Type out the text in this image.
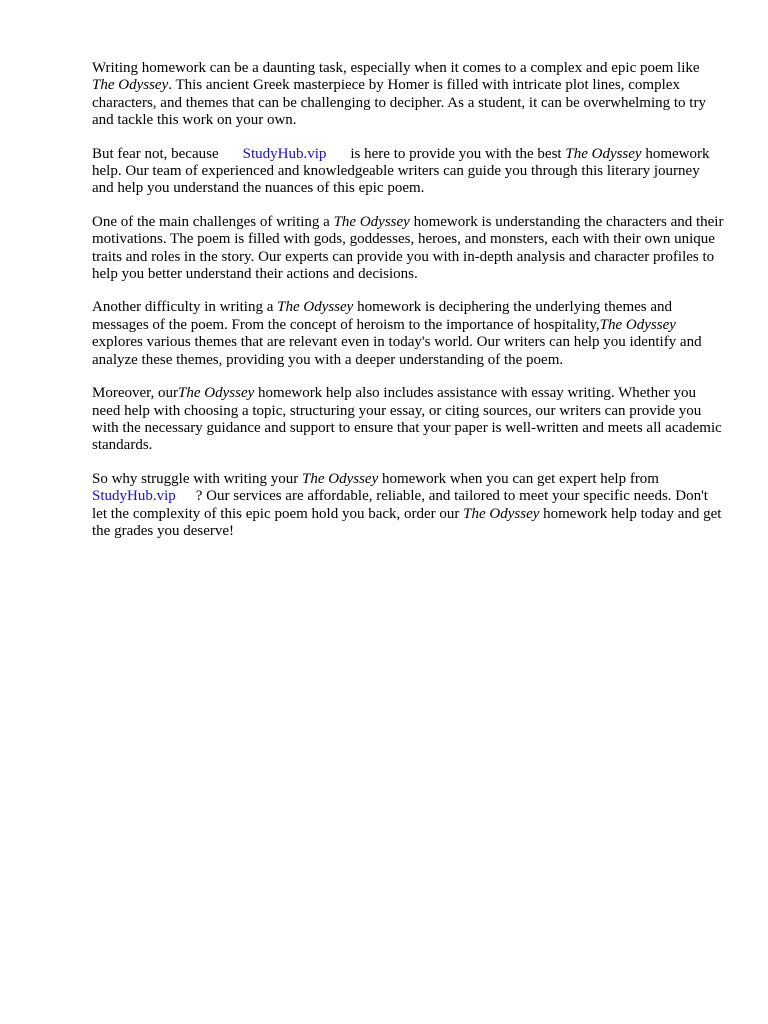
Writing homework can be a daunting task, especially when it comes to a complex and epic poem like The Odyssey. This ancient Greek masterpiece by Homer is filled with intricate plot lines, complex characters, and themes that can be challenging to decipher. As a student, it can be overwhelming to try and tackle this work on your own.

But fear not, because StudyHub.vip is here to provide you with the best The Odyssey homework help. Our team of experienced and knowledgeable writers can guide you through this literary journey and help you understand the nuances of this epic poem.

One of the main challenges of writing a The Odyssey homework is understanding the characters and their motivations. The poem is filled with gods, goddesses, heroes, and monsters, each with their own unique traits and roles in the story. Our experts can provide you with in-depth analysis and character profiles to help you better understand their actions and decisions.

Another difficulty in writing a The Odyssey homework is deciphering the underlying themes and messages of the poem. From the concept of heroism to the importance of hospitality,The Odyssey explores various themes that are relevant even in today's world. Our writers can help you identify and analyze these themes, providing you with a deeper understanding of the poem.

Moreover, ourThe Odyssey homework help also includes assistance with essay writing. Whether you need help with choosing a topic, structuring your essay, or citing sources, our writers can provide you with the necessary guidance and support to ensure that your paper is well-written and meets all academic standards.

So why struggle with writing your The Odyssey homework when you can get expert help from StudyHub.vip ? Our services are affordable, reliable, and tailored to meet your specific needs. Don't let the complexity of this epic poem hold you back, order our The Odyssey homework help today and get the grades you deserve!
